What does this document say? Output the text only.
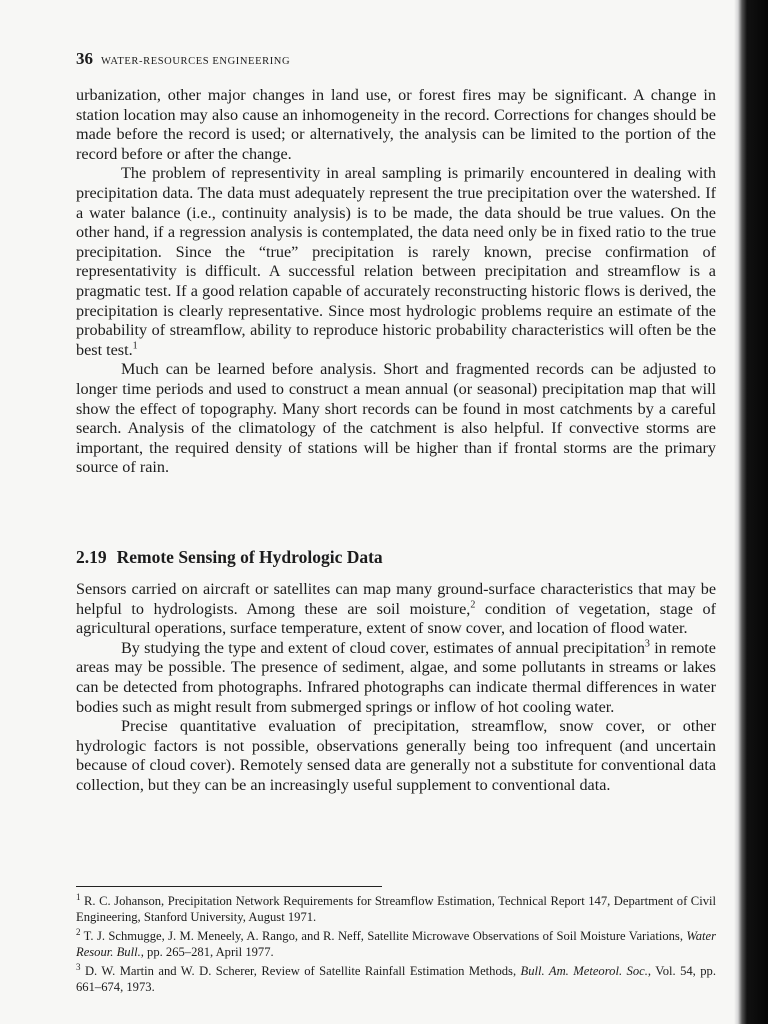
36 WATER-RESOURCES ENGINEERING

urbanization, other major changes in land use, or forest fires may be significant. A change in station location may also cause an inhomogeneity in the record. Corrections for changes should be made before the record is used; or alternatively, the analysis can be limited to the portion of the record before or after the change.

The problem of representivity in areal sampling is primarily encountered in dealing with precipitation data. The data must adequately represent the true precipitation over the watershed. If a water balance (i.e., continuity analysis) is to be made, the data should be true values. On the other hand, if a regression analysis is contemplated, the data need only be in fixed ratio to the true precipitation. Since the “true” precipitation is rarely known, precise confirmation of representativity is difficult. A successful relation between precipitation and streamflow is a pragmatic test. If a good relation capable of accurately reconstructing historic flows is derived, the precipitation is clearly representative. Since most hydrologic problems require an estimate of the probability of streamflow, ability to reproduce historic probability characteristics will often be the best test.$^1$

Much can be learned before analysis. Short and fragmented records can be adjusted to longer time periods and used to construct a mean annual (or seasonal) precipitation map that will show the effect of topography. Many short records can be found in most catchments by a careful search. Analysis of the climatology of the catchment is also helpful. If convective storms are important, the required density of stations will be higher than if frontal storms are the primary source of rain.

2.19 Remote Sensing of Hydrologic Data

Sensors carried on aircraft or satellites can map many ground-surface characteristics that may be helpful to hydrologists. Among these are soil moisture,$^2$ condition of vegetation, stage of agricultural operations, surface temperature, extent of snow cover, and location of flood water.

By studying the type and extent of cloud cover, estimates of annual precipitation$^3$ in remote areas may be possible. The presence of sediment, algae, and some pollutants in streams or lakes can be detected from photographs. Infrared photographs can indicate thermal differences in water bodies such as might result from submerged springs or inflow of hot cooling water.

Precise quantitative evaluation of precipitation, streamflow, snow cover, or other hydrologic factors is not possible, observations generally being too infrequent (and uncertain because of cloud cover). Remotely sensed data are generally not a substitute for conventional data collection, but they can be an increasingly useful supplement to conventional data.

$^1$ R. C. Johanson, Precipitation Network Requirements for Streamflow Estimation, Technical Report 147, Department of Civil Engineering, Stanford University, August 1971.

$^2$ T. J. Schmugge, J. M. Meneely, A. Rango, and R. Neff, Satellite Microwave Observations of Soil Moisture Variations, Water Resour. Bull., pp. 265–281, April 1977.

$^3$ D. W. Martin and W. D. Scherer, Review of Satellite Rainfall Estimation Methods, Bull. Am. Meteorol. Soc., Vol. 54, pp. 661–674, 1973.
